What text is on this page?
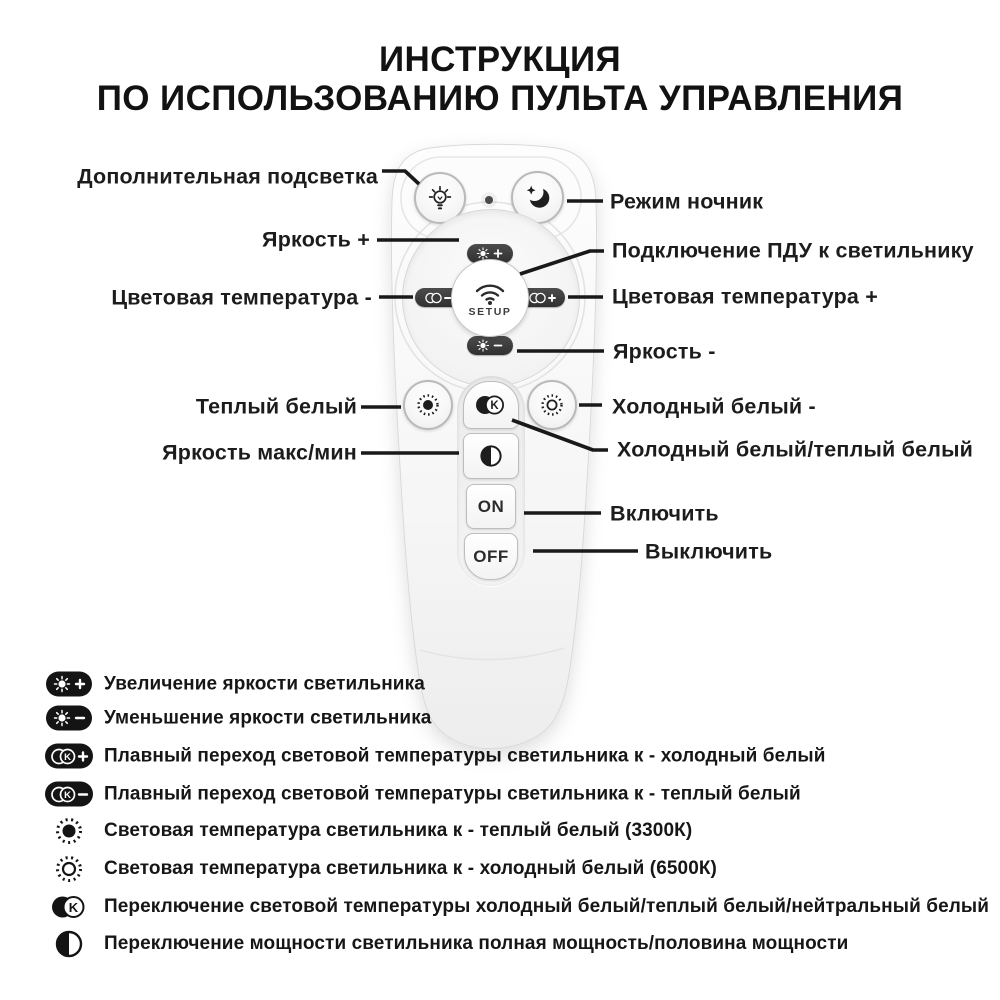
ИНСТРУКЦИЯ
ПО ИСПОЛЬЗОВАНИЮ ПУЛЬТА УПРАВЛЕНИЯ
SETUP
K
ON
OFF
Дополнительная подсветка
Яркость +
Цветовая температура -
Теплый белый
Яркость макс/мин
Режим ночник
Подключение ПДУ к светильнику
Цветовая температура +
Яркость -
Холодный белый -
Холодный белый/теплый белый
Включить
Выключить
Увеличение яркости светильника
Уменьшение яркости светильника
K Плавный переход световой температуры светильника к - холодный белый
K Плавный переход световой температуры светильника к - теплый белый
Световая температура светильника к - теплый белый (3300К)
Световая температура светильника к - холодный белый (6500К)
K Переключение световой температуры холодный белый/теплый белый/нейтральный белый
Переключение мощности светильника полная мощность/половина мощности
